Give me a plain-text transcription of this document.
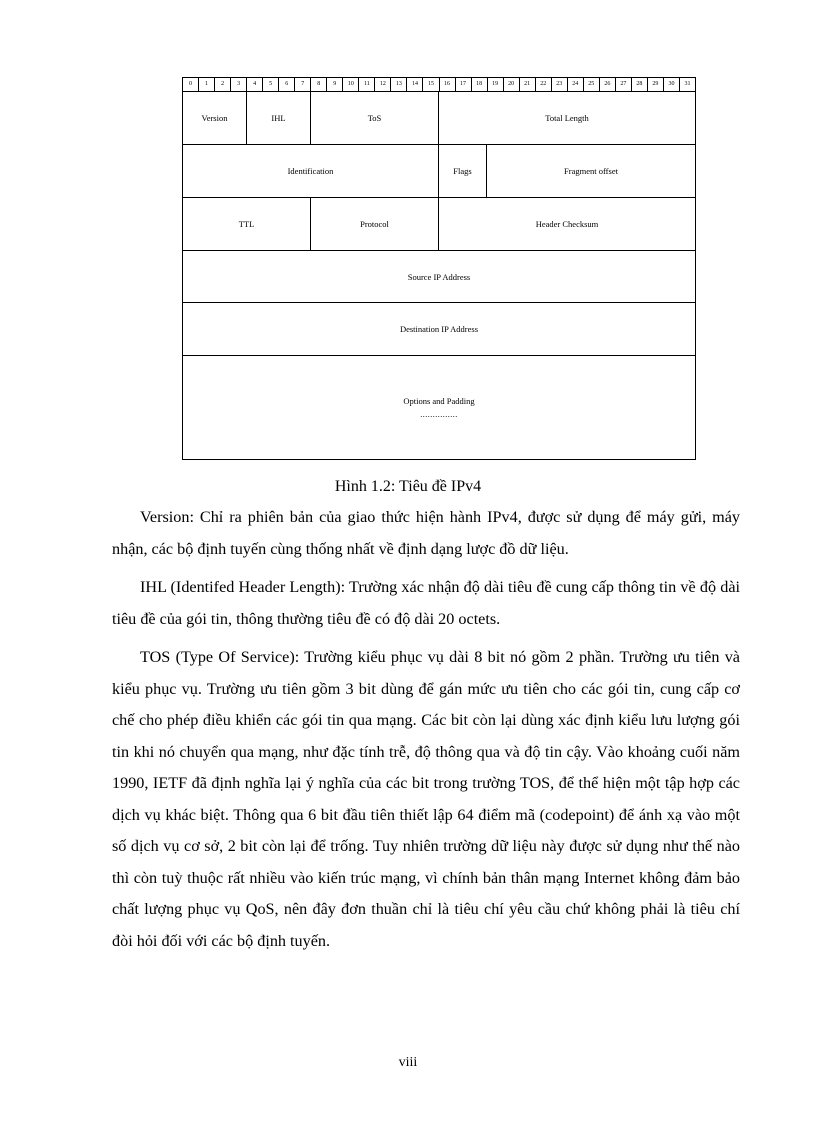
0	1	2	3	4	5	6	7	8	9	10	11	12	13	14	15	16	17	18	19	20	21	22	23	24	25	26	27	28	29	30	31
Version	IHL	ToS	Total Length
Identification	Flags	Fragment offset
TTL	Protocol	Header Checksum
Source IP Address
Destination IP Address
Options and Padding
...............
Hình 1.2: Tiêu đề IPv4

Version: Chỉ ra phiên bản của giao thức hiện hành IPv4, được sử dụng để máy gửi, máy nhận, các bộ định tuyến cùng thống nhất về định dạng lược đồ dữ liệu.

IHL (Identifed Header Length): Trường xác nhận độ dài tiêu đề cung cấp thông tin về độ dài tiêu đề của gói tin, thông thường tiêu đề có độ dài 20 octets.

TOS (Type Of Service): Trường kiểu phục vụ dài 8 bit nó gồm 2 phần. Trường ưu tiên và kiểu phục vụ. Trường ưu tiên gồm 3 bit dùng để gán mức ưu tiên cho các gói tin, cung cấp cơ chế cho phép điều khiển các gói tin qua mạng. Các bit còn lại dùng xác định kiểu lưu lượng gói tin khi nó chuyển qua mạng, như đặc tính trễ, độ thông qua và độ tin cậy. Vào khoảng cuối năm 1990, IETF đã định nghĩa lại ý nghĩa của các bit trong trường TOS, để thể hiện một tập hợp các dịch vụ khác biệt. Thông qua 6 bit đầu tiên thiết lập 64 điểm mã (codepoint) để ánh xạ vào một số dịch vụ cơ sở, 2 bit còn lại để trống. Tuy nhiên trường dữ liệu này được sử dụng như thế nào thì còn tuỳ thuộc rất nhiều vào kiến trúc mạng, vì chính bản thân mạng Internet không đảm bảo chất lượng phục vụ QoS, nên đây đơn thuần chỉ là tiêu chí yêu cầu chứ không phải là tiêu chí đòi hỏi đối với các bộ định tuyến.

viii
